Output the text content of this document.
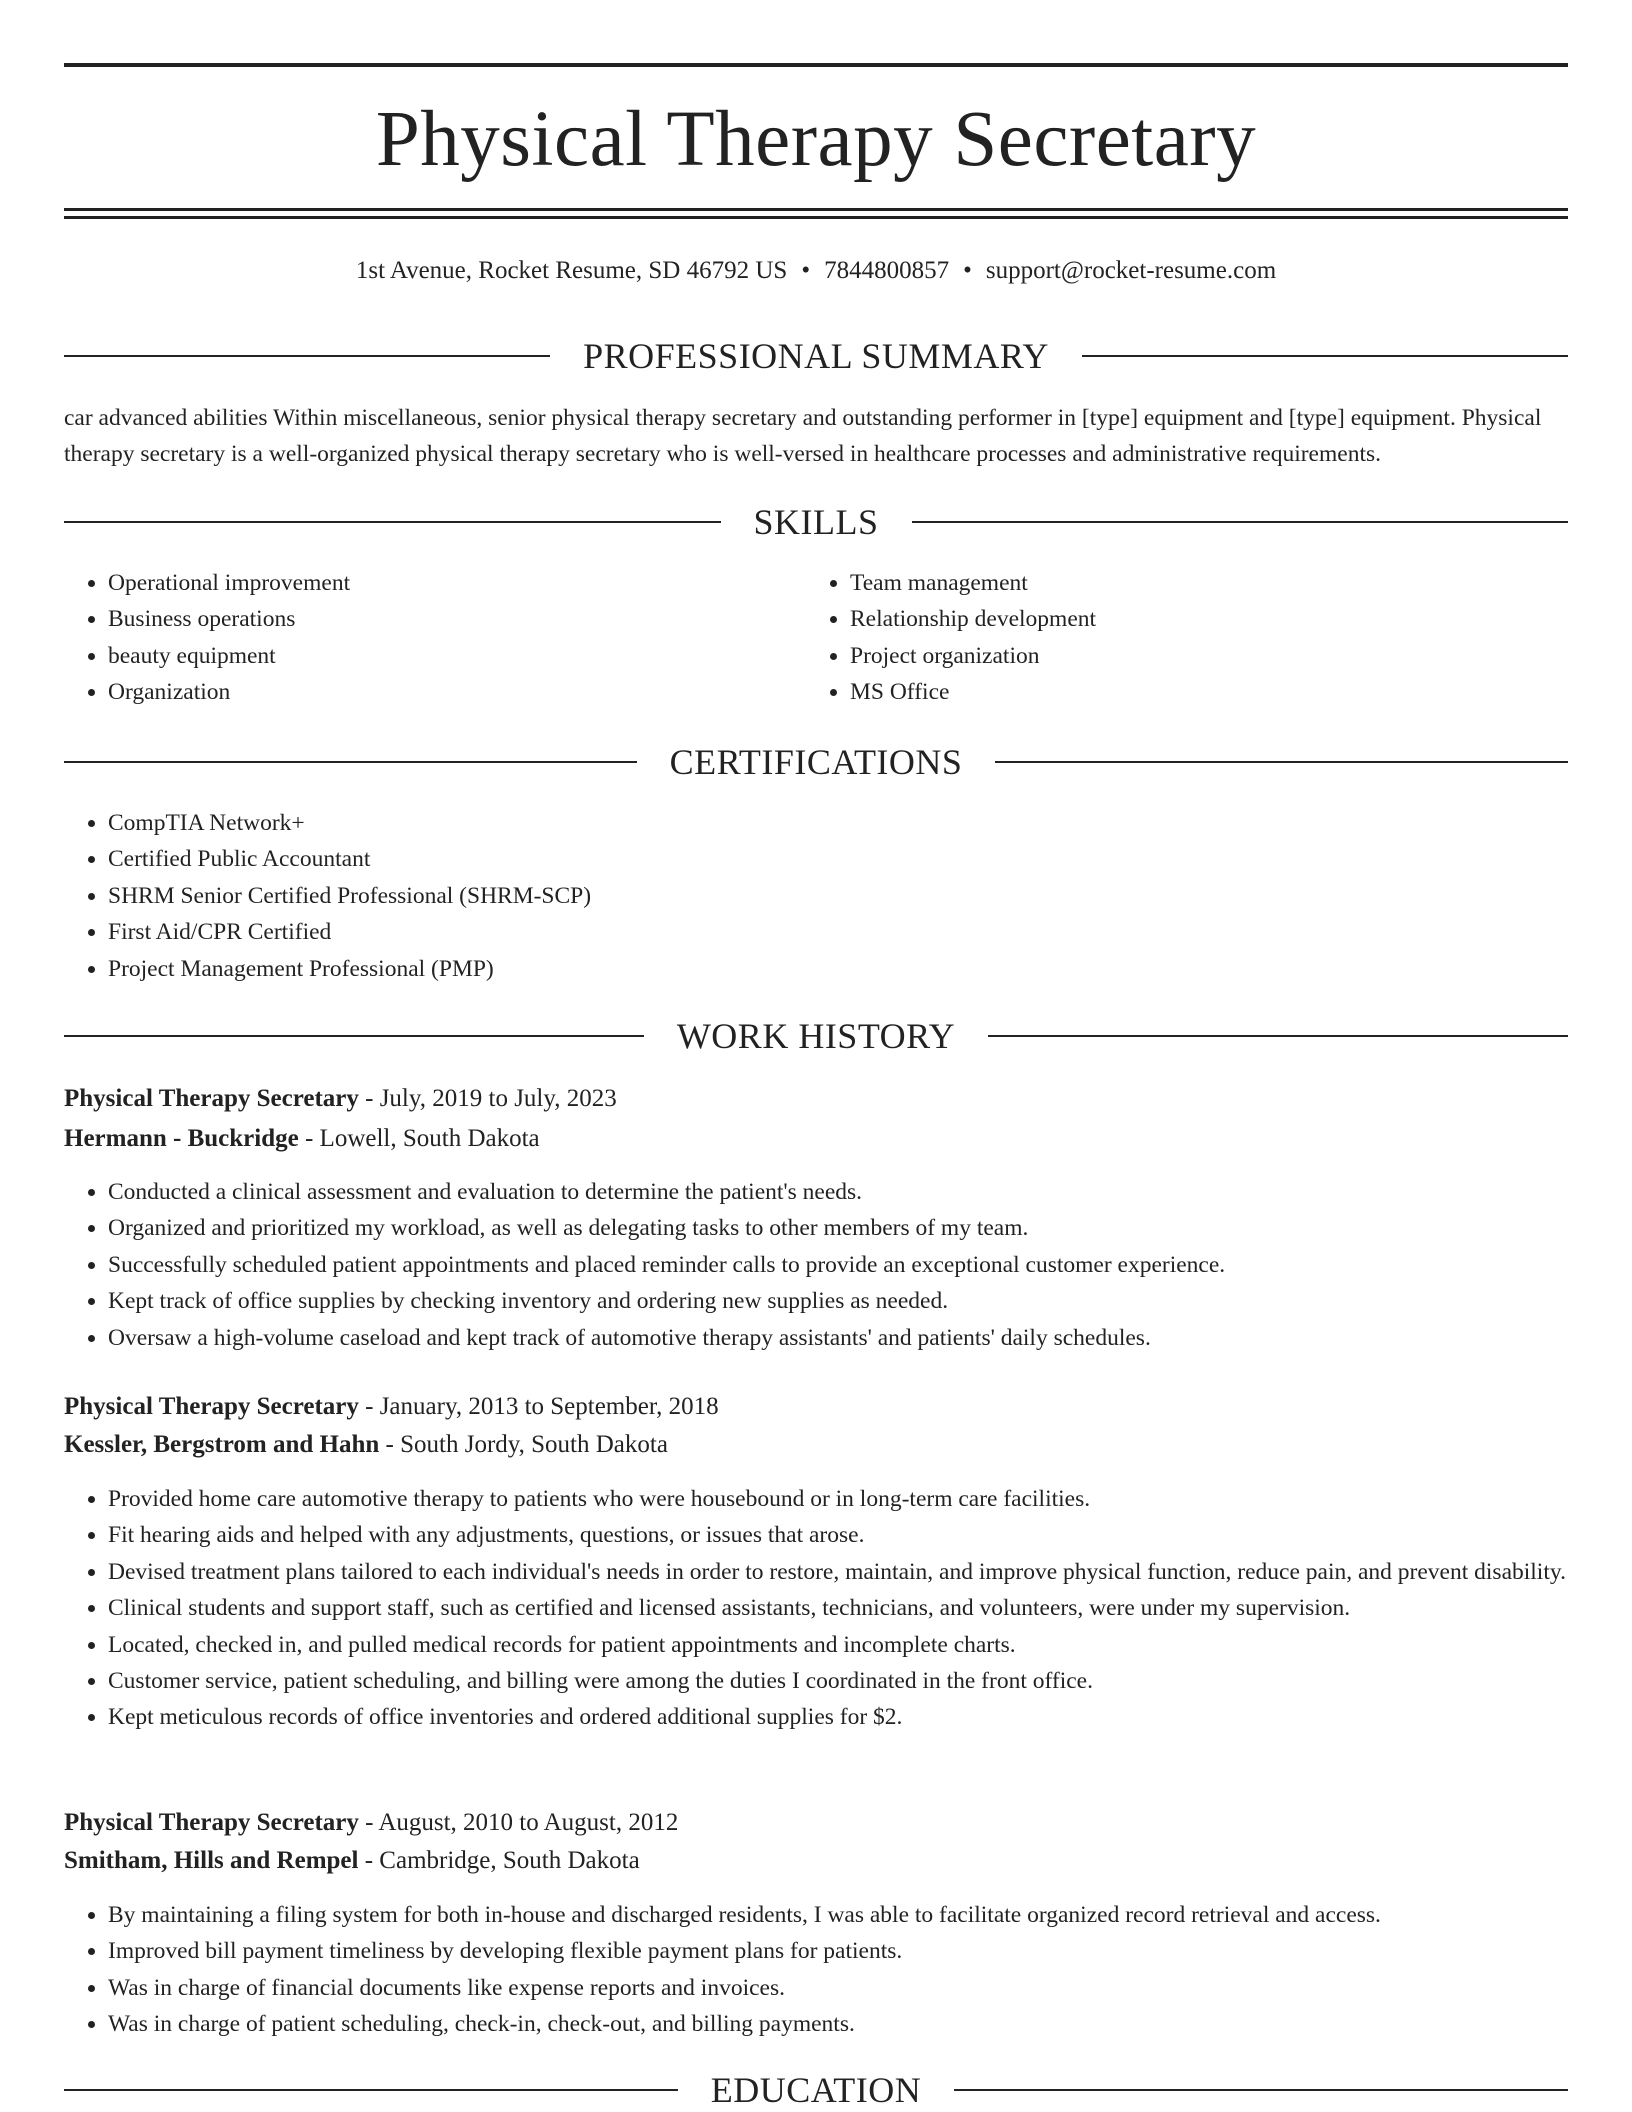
Physical Therapy Secretary
1st Avenue, Rocket Resume, SD 46792 US • 7844800857 • support@rocket-resume.com
PROFESSIONAL SUMMARY
car advanced abilities Within miscellaneous, senior physical therapy secretary and outstanding performer in [type] equipment and [type] equipment. Physical therapy secretary is a well-organized physical therapy secretary who is well-versed in healthcare processes and administrative requirements.
SKILLS
• Operational improvement
• Business operations
• beauty equipment
• Organization
• Team management
• Relationship development
• Project organization
• MS Office
CERTIFICATIONS
• CompTIA Network+
• Certified Public Accountant
• SHRM Senior Certified Professional (SHRM-SCP)
• First Aid/CPR Certified
• Project Management Professional (PMP)
WORK HISTORY
Physical Therapy Secretary - July, 2019 to July, 2023
Hermann - Buckridge - Lowell, South Dakota
• Conducted a clinical assessment and evaluation to determine the patient's needs.
• Organized and prioritized my workload, as well as delegating tasks to other members of my team.
• Successfully scheduled patient appointments and placed reminder calls to provide an exceptional customer experience.
• Kept track of office supplies by checking inventory and ordering new supplies as needed.
• Oversaw a high-volume caseload and kept track of automotive therapy assistants' and patients' daily schedules.
Physical Therapy Secretary - January, 2013 to September, 2018
Kessler, Bergstrom and Hahn - South Jordy, South Dakota
• Provided home care automotive therapy to patients who were housebound or in long-term care facilities.
• Fit hearing aids and helped with any adjustments, questions, or issues that arose.
• Devised treatment plans tailored to each individual's needs in order to restore, maintain, and improve physical function, reduce pain, and prevent disability.
• Clinical students and support staff, such as certified and licensed assistants, technicians, and volunteers, were under my supervision.
• Located, checked in, and pulled medical records for patient appointments and incomplete charts.
• Customer service, patient scheduling, and billing were among the duties I coordinated in the front office.
• Kept meticulous records of office inventories and ordered additional supplies for $2.
Physical Therapy Secretary - August, 2010 to August, 2012
Smitham, Hills and Rempel - Cambridge, South Dakota
• By maintaining a filing system for both in-house and discharged residents, I was able to facilitate organized record retrieval and access.
• Improved bill payment timeliness by developing flexible payment plans for patients.
• Was in charge of financial documents like expense reports and invoices.
• Was in charge of patient scheduling, check-in, check-out, and billing payments.
EDUCATION
